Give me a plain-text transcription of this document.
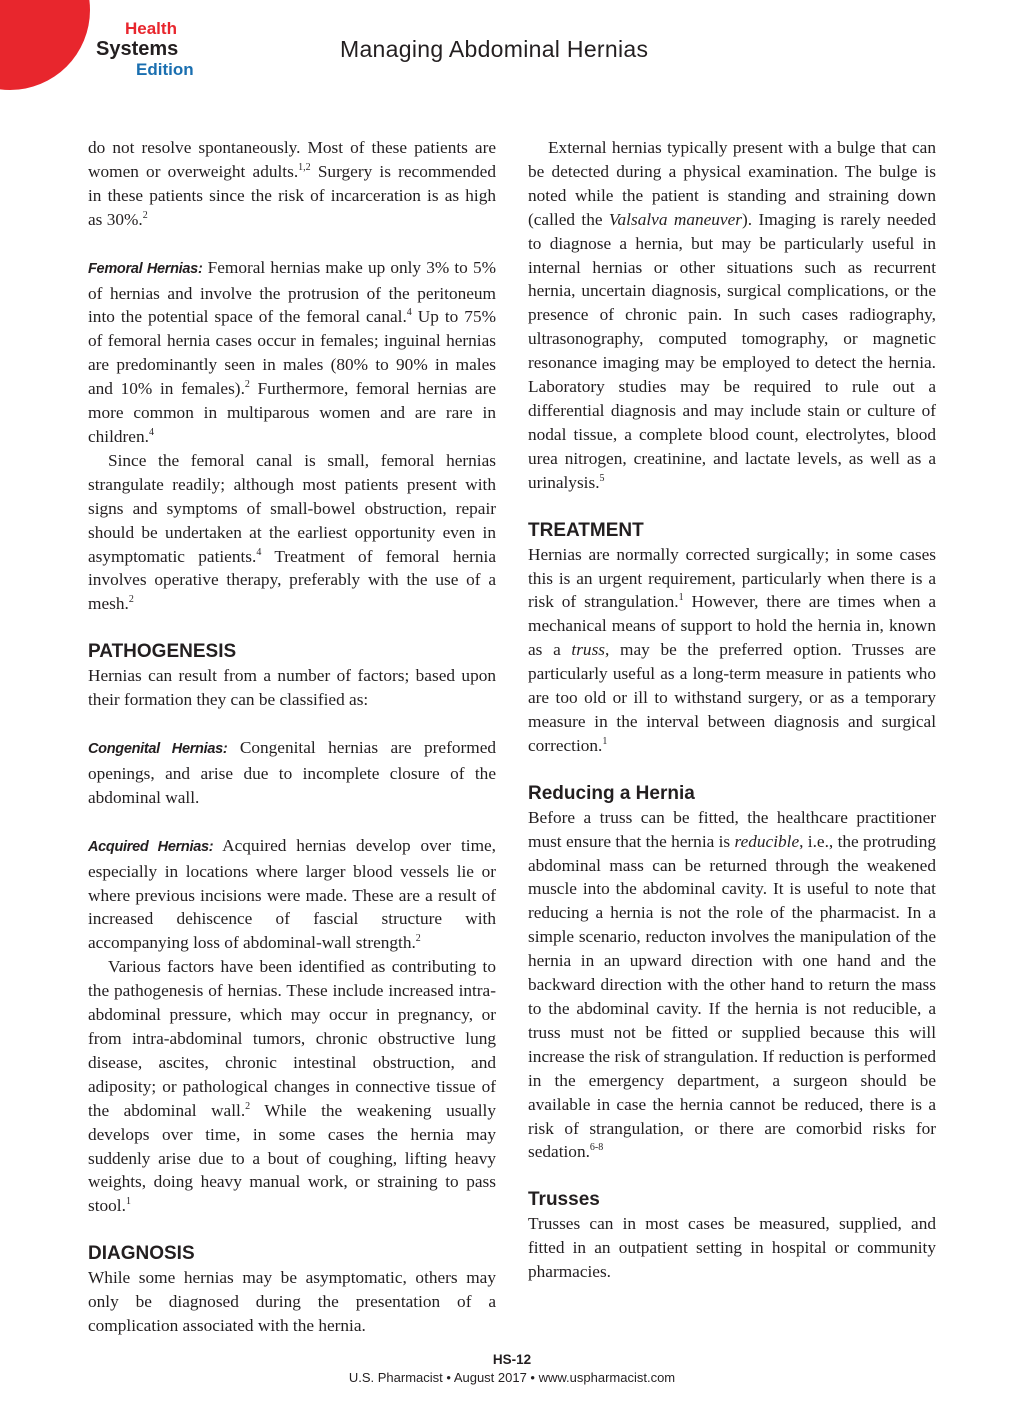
Health
Systems
Edition
Managing Abdominal Hernias

do not resolve spontaneously. Most of these patients are women or overweight adults.$^{1,2}$ Surgery is recommended in these patients since the risk of incarceration is as high as 30%.$^2$

Femoral Hernias: Femoral hernias make up only 3% to 5% of hernias and involve the protrusion of the peritoneum into the potential space of the femoral canal.$^4$ Up to 75% of femoral hernia cases occur in females; inguinal hernias are predominantly seen in males (80% to 90% in males and 10% in females).$^2$ Furthermore, femoral hernias are more common in multiparous women and are rare in children.$^4$

Since the femoral canal is small, femoral hernias strangulate readily; although most patients present with signs and symptoms of small-bowel obstruction, repair should be undertaken at the earliest opportunity even in asymptomatic patients.$^4$ Treatment of femoral hernia involves operative therapy, preferably with the use of a mesh.$^2$

PATHOGENESIS

Hernias can result from a number of factors; based upon their formation they can be classified as:

Congenital Hernias: Congenital hernias are preformed openings, and arise due to incomplete closure of the abdominal wall.

Acquired Hernias: Acquired hernias develop over time, especially in locations where larger blood vessels lie or where previous incisions were made. These are a result of increased dehiscence of fascial structure with accompanying loss of abdominal-wall strength.$^2$

Various factors have been identified as contributing to the pathogenesis of hernias. These include increased intra-abdominal pressure, which may occur in pregnancy, or from intra-abdominal tumors, chronic obstructive lung disease, ascites, chronic intestinal obstruction, and adiposity; or pathological changes in connective tissue of the abdominal wall.$^2$ While the weakening usually develops over time, in some cases the hernia may suddenly arise due to a bout of coughing, lifting heavy weights, doing heavy manual work, or straining to pass stool.$^1$

DIAGNOSIS

While some hernias may be asymptomatic, others may only be diagnosed during the presentation of a complication associated with the hernia.

External hernias typically present with a bulge that can be detected during a physical examination. The bulge is noted while the patient is standing and straining down (called the Valsalva maneuver). Imaging is rarely needed to diagnose a hernia, but may be particularly useful in internal hernias or other situations such as recurrent hernia, uncertain diagnosis, surgical complications, or the presence of chronic pain. In such cases radiography, ultrasonography, computed tomography, or magnetic resonance imaging may be employed to detect the hernia. Laboratory studies may be required to rule out a differential diagnosis and may include stain or culture of nodal tissue, a complete blood count, electrolytes, blood urea nitrogen, creatinine, and lactate levels, as well as a urinalysis.$^5$

TREATMENT

Hernias are normally corrected surgically; in some cases this is an urgent requirement, particularly when there is a risk of strangulation.$^1$ However, there are times when a mechanical means of support to hold the hernia in, known as a truss, may be the preferred option. Trusses are particularly useful as a long-term measure in patients who are too old or ill to withstand surgery, or as a temporary measure in the interval between diagnosis and surgical correction.$^1$

Reducing a Hernia

Before a truss can be fitted, the healthcare practitioner must ensure that the hernia is reducible, i.e., the protruding abdominal mass can be returned through the weakened muscle into the abdominal cavity. It is useful to note that reducing a hernia is not the role of the pharmacist. In a simple scenario, reducton involves the manipulation of the hernia in an upward direction with one hand and the backward direction with the other hand to return the mass to the abdominal cavity. If the hernia is not reducible, a truss must not be fitted or supplied because this will increase the risk of strangulation. If reduction is performed in the emergency department, a surgeon should be available in case the hernia cannot be reduced, there is a risk of strangulation, or there are comorbid risks for sedation.$^{6-8}$

Trusses

Trusses can in most cases be measured, supplied, and fitted in an outpatient setting in hospital or community pharmacies.

HS-12
U.S. Pharmacist • August 2017 • www.uspharmacist.com
